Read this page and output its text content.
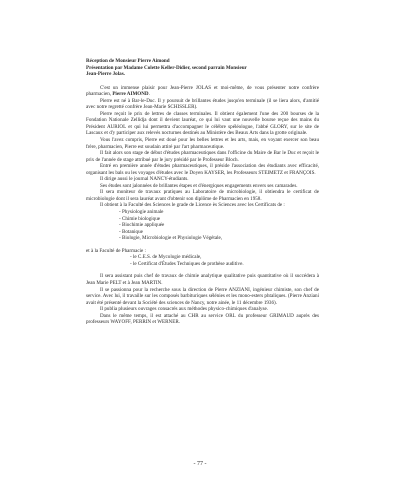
Réception de Monsieur Pierre Aimond

Présentation par Madame Colette Keller-Didier, second parrain Monsieur

Jean-Pierre Jolas.

C'est un immense plaisir pour Jean-Pierre JOLAS et moi-même, de vous présenter notre confrère pharmacien, Pierre AIMOND.

Pierre est né à Bar-le-Duc. Il y poursuit de brillantes études jusqu'en terminale (il se liera alors, d'amitié avec notre regretté confrère Jean-Marie SCHISSLER).

Pierre reçoit le prix de lettres de classes terminales. Il obtient également l'une des 200 bourses de la Fondation Nationale Zellidja dont il devient lauréat, ce qui lui vaut une nouvelle bourse reçue des mains du Président AURIOL et qui lui permettra d'accompagner le célèbre spéléologue, l'abbé GLORY, sur le site de Lascaux et d'y participer aux relevés nocturnes destinés au Ministère des Beaux Arts dans la grotte originale.

Vous l'avez compris, Pierre est doué pour les belles lettres et les arts, mais, en voyant exercer son beau frère, pharmacien, Pierre est soudain attiré par l'art pharmaceutique.

Il fait alors son stage de début d'études pharmaceutiques dans l'officine du Maire de Bar le Duc et reçoit le prix de l'année de stage attribué par le jury présidé par le Professeur Bloch.

Entré en première année d'études pharmaceutiques, il préside l'association des étudiants avec efficacité, organisant les bals ou les voyages d'études avec le Doyen KAYSER, les Professeurs STEIMETZ et FRANÇOIS.

Il dirige aussi le journal NANCY-étudiants.

Ses études sont jalonnées de brillantes étapes et d'énergiques engagements envers ses camarades.

Il sera moniteur de travaux pratiques au Laboratoire de microbiologie, il obtiendra le certificat de microbiologie dont il sera lauréat avant d'obtenir son diplôme de Pharmacien en 1958.

Il obtient à la Faculté des Sciences le grade de Licence ès Sciences avec les Certificats de :

- Physiologie animale
- Chimie biologique
- Biochimie appliquée
- Botanique
- Biologie, Microbiologie et Physiologie Végétale,

et à la Faculté de Pharmacie :

- le C.E.S. de Mycologie médicale,
- le Certificat d'Études Techniques de prothèse auditive.

Il sera assistant puis chef de travaux de chimie analytique qualitative puis quantitative où il succédera à Jean Marie PELT et à Jean MARTIN.

Il se passionna pour la recherche sous la direction de Pierre ANZIANI, ingénieur chimiste, son chef de service. Avec lui, il travaille sur les composés barbituriques sélénies et les mono-esters phtaliques. (Pierre Anziani avait été présenté devant la Société des sciences de Nancy, notre ainée, le 11 décembre 1936).

Il publia plusieurs ouvrages consacrés aux méthodes physico-chimiques d'analyse.

Dans le même temps, il est attaché au CHR au service ORL du professeur GRIMAUD auprès des professeurs WAYOFF, PERRIN et WERNER.

- 77 -
